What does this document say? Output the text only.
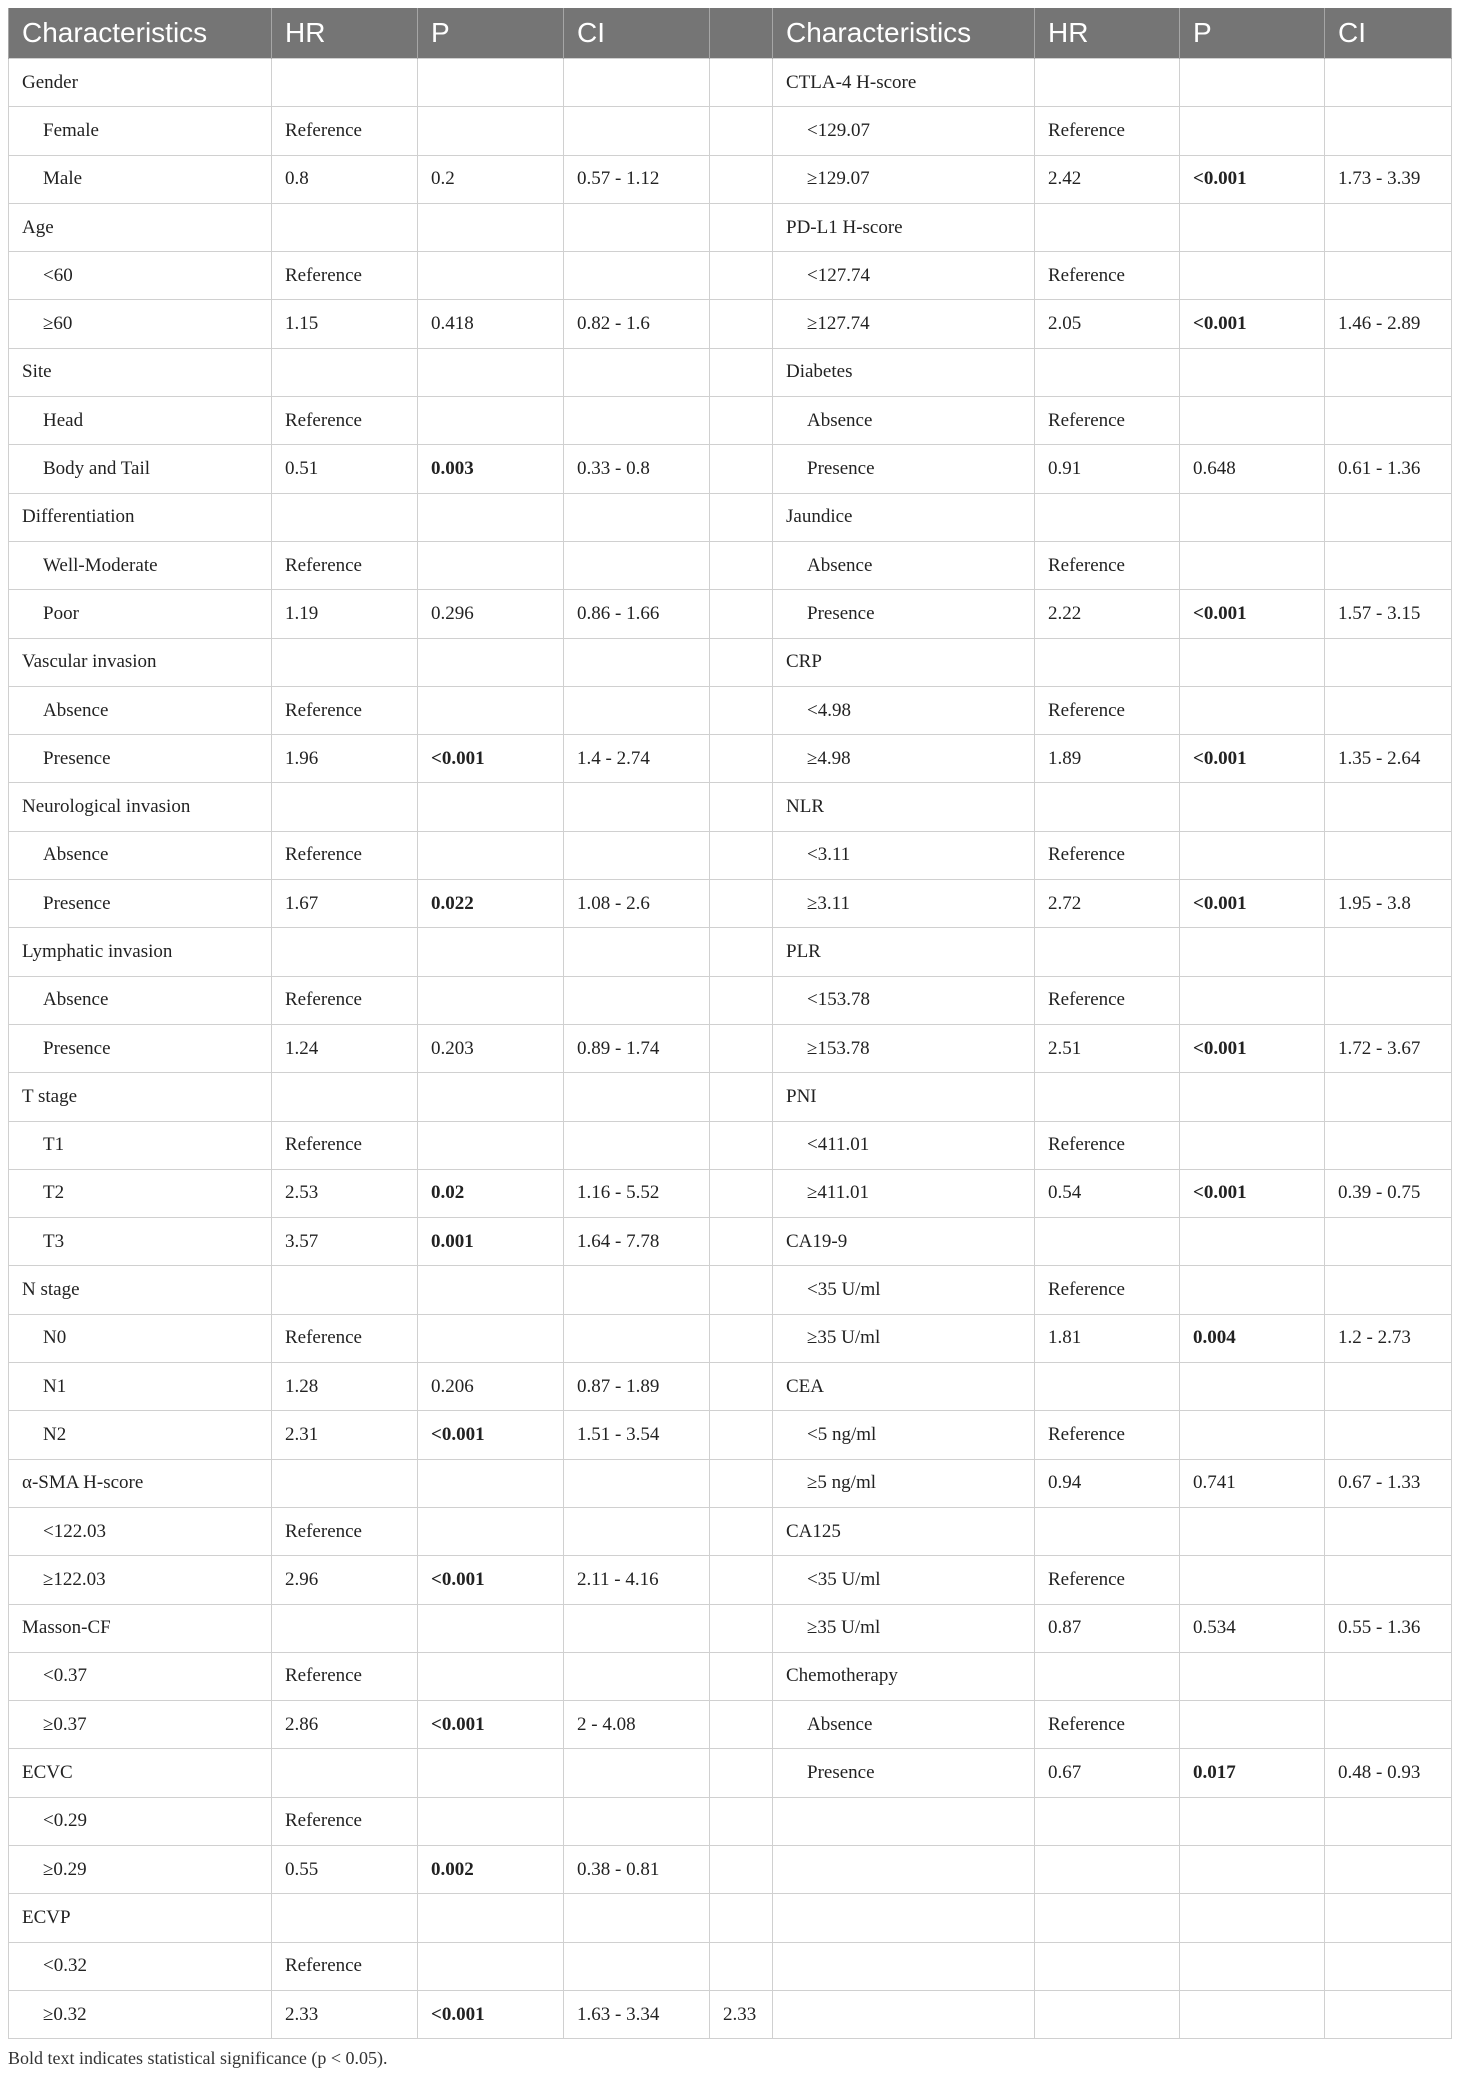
Characteristics	HR	P	CI		Characteristics	HR	P	CI
Gender					CTLA-4 H-score			
Female	Reference				<129.07	Reference		
Male	0.8	0.2	0.57 - 1.12		≥129.07	2.42	<0.001	1.73 - 3.39
Age					PD-L1 H-score			
<60	Reference				<127.74	Reference		
≥60	1.15	0.418	0.82 - 1.6		≥127.74	2.05	<0.001	1.46 - 2.89
Site					Diabetes			
Head	Reference				Absence	Reference		
Body and Tail	0.51	0.003	0.33 - 0.8		Presence	0.91	0.648	0.61 - 1.36
Differentiation					Jaundice			
Well-Moderate	Reference				Absence	Reference		
Poor	1.19	0.296	0.86 - 1.66		Presence	2.22	<0.001	1.57 - 3.15
Vascular invasion					CRP			
Absence	Reference				<4.98	Reference		
Presence	1.96	<0.001	1.4 - 2.74		≥4.98	1.89	<0.001	1.35 - 2.64
Neurological invasion					NLR			
Absence	Reference				<3.11	Reference		
Presence	1.67	0.022	1.08 - 2.6		≥3.11	2.72	<0.001	1.95 - 3.8
Lymphatic invasion					PLR			
Absence	Reference				<153.78	Reference		
Presence	1.24	0.203	0.89 - 1.74		≥153.78	2.51	<0.001	1.72 - 3.67
T stage					PNI			
T1	Reference				<411.01	Reference		
T2	2.53	0.02	1.16 - 5.52		≥411.01	0.54	<0.001	0.39 - 0.75
T3	3.57	0.001	1.64 - 7.78		CA19-9			
N stage					<35 U/ml	Reference		
N0	Reference				≥35 U/ml	1.81	0.004	1.2 - 2.73
N1	1.28	0.206	0.87 - 1.89		CEA			
N2	2.31	<0.001	1.51 - 3.54		<5 ng/ml	Reference		
α-SMA H-score					≥5 ng/ml	0.94	0.741	0.67 - 1.33
<122.03	Reference				CA125			
≥122.03	2.96	<0.001	2.11 - 4.16		<35 U/ml	Reference		
Masson-CF					≥35 U/ml	0.87	0.534	0.55 - 1.36
<0.37	Reference				Chemotherapy			
≥0.37	2.86	<0.001	2 - 4.08		Absence	Reference		
ECVC					Presence	0.67	0.017	0.48 - 0.93
<0.29	Reference							
≥0.29	0.55	0.002	0.38 - 0.81					
ECVP								
<0.32	Reference							
≥0.32	2.33	<0.001	1.63 - 3.34	2.33				
Bold text indicates statistical significance (p < 0.05).
